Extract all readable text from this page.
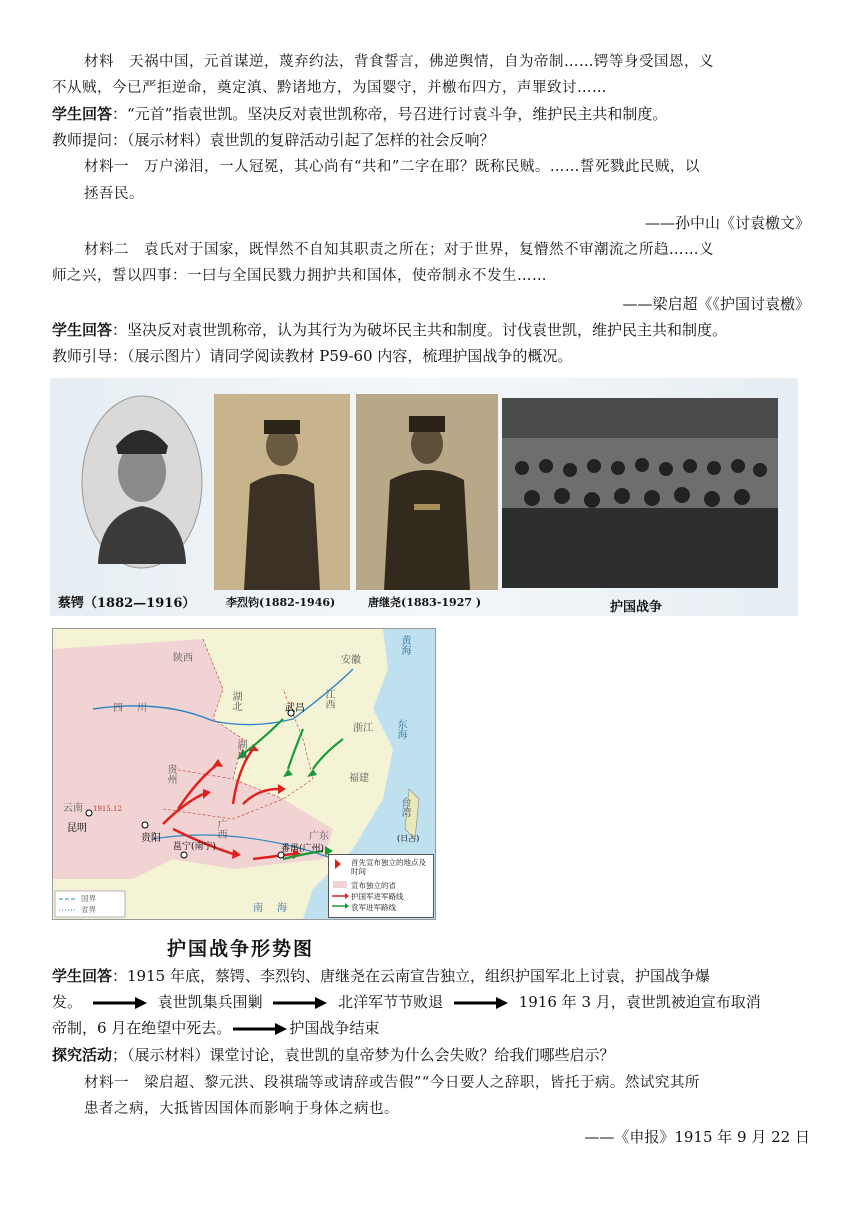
材料　天祸中国，元首谋逆，蔑弃约法，背食誓言，佛逆舆情，自为帝制……锷等身受国恩，义
不从贼，今已严拒逆命，奠定滇、黔诸地方，为国婴守，并檄布四方，声罪致讨……
学生回答：“元首”指袁世凯。坚决反对袁世凯称帝，号召进行讨袁斗争，维护民主共和制度。
教师提问：（展示材料）袁世凯的复辟活动引起了怎样的社会反响？
材料一　万户涕泪，一人冠冕，其心尚有“共和”二字在耶？既称民贼。……誓死戮此民贼，以
拯吾民。
——孙中山《讨袁檄文》
材料二　袁氏对于国家，既悍然不自知其职责之所在；对于世界，复懵然不审潮流之所趋……义
师之兴，誓以四事：一曰与全国民戮力拥护共和国体，使帝制永不发生……
——梁启超《《护国讨袁檄》
学生回答：坚决反对袁世凯称帝，认为其行为为破坏民主共和制度。讨伐袁世凯，维护民主共和制度。
教师引导：（展示图片）请同学阅读教材 P59-60 内容，梳理护国战争的概况。
蔡锷（1882—1916）	李烈钧(1882-1946)	唐继尧(1883-1927 )	护国战争
陕西
四川
贵州
云南
湖南
湖北
广西	广东
江西
浙江
安徽
福建
黄海
东海
南海
台湾
武昌
贵阳
昆明
邕宁(南宁)	番禺(广州)
(日占)
1915.12
首先宣布独立的地点及时间
宣布独立的省
护国军进军路线
袁军进军路线
国界
省界
护国战争形势图
学生回答：1915 年底，蔡锷、李烈钧、唐继尧在云南宣告独立，组织护国军北上讨袁，护国战争爆
发。	袁世凯集兵围剿	北洋军节节败退	1916 年 3 月，袁世凯被迫宣布取消
帝制，6 月在绝望中死去。	护国战争结束
探究活动；（展示材料）课堂讨论，袁世凯的皇帝梦为什么会失败？给我们哪些启示？
材料一　梁启超、黎元洪、段祺瑞等或请辞或告假”“今日要人之辞职，皆托于病。然试究其所
患者之病，大抵皆因国体而影响于身体之病也。
——《申报》1915 年 9 月 22 日
